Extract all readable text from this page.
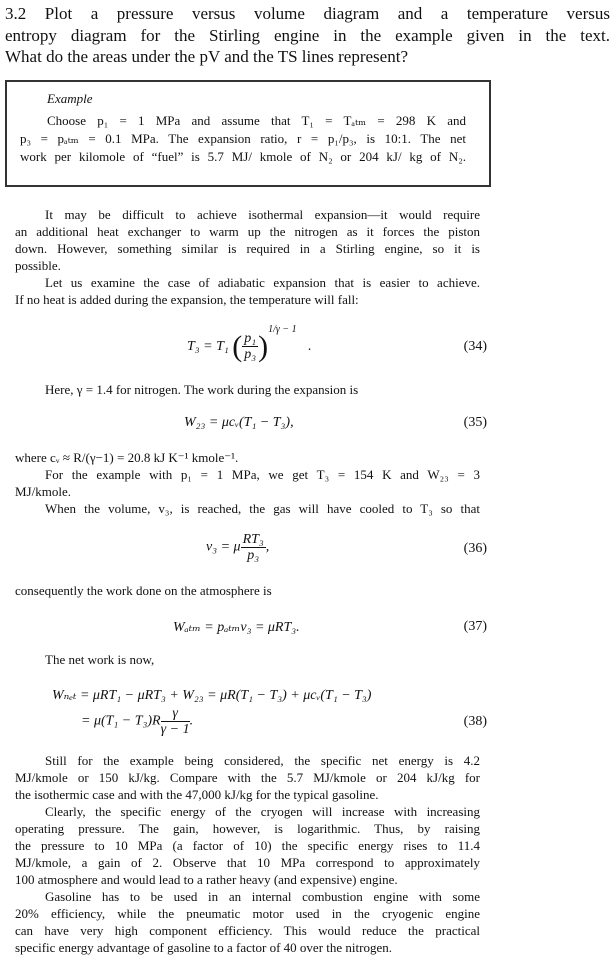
3.2 Plot a pressure versus volume diagram and a temperature versus
entropy diagram for the Stirling engine in the example given in the text.
What do the areas under the pV and the TS lines represent?
Example
Choose p₁ = 1 MPa and assume that T₁ = Tₐₜₘ = 298 K and
p₃ = pₐₜₘ = 0.1 MPa. The expansion ratio, r = p₁/p₃, is 10:1. The net
work per kilomole of “fuel” is 5.7 MJ/ kmole of N₂ or 204 kJ/ kg of N₂.
It may be difficult to achieve isothermal expansion—it would require
an additional heat exchanger to warm up the nitrogen as it forces the piston
down. However, something similar is required in a Stirling engine, so it is
possible.
Let us examine the case of adiabatic expansion that is easier to achieve.
If no heat is added during the expansion, the temperature will fall:
T₃ = T₁ ( $\frac{\text{p₁}}{\text{p₃}} )^{1/\gamma - 1}$ .	(34)
Here, γ = 1.4 for nitrogen. The work during the expansion is
W₂₃ = μcᵥ(T₁ − T₃),	(35)
where cᵥ ≈ R/(γ−1) = 20.8 kJ K⁻¹ kmole⁻¹.
For the example with p₁ = 1 MPa, we get T₃ = 154 K and W₂₃ = 3
MJ/kmole.
When the volume, v₃, is reached, the gas will have cooled to T₃ so that
v₃ = μ $\frac{\text{RT₃}}{\text{p₃}}$ ,	(36)
consequently the work done on the atmosphere is
Wₐₜₘ = pₐₜₘv₃ = μRT₃.	(37)
The net work is now,
Wₙₑₜ = μRT₁ − μRT₃ + W₂₃ = μR(T₁ − T₃) + μcᵥ(T₁ − T₃)
= $\mu(T_1 - T_3)R \frac{\gamma}{\gamma - 1}$ .	(38)
Still for the example being considered, the specific net energy is 4.2
MJ/kmole or 150 kJ/kg. Compare with the 5.7 MJ/kmole or 204 kJ/kg for
the isothermic case and with the 47,000 kJ/kg for the typical gasoline.
Clearly, the specific energy of the cryogen will increase with increasing
operating pressure. The gain, however, is logarithmic. Thus, by raising
the pressure to 10 MPa (a factor of 10) the specific energy rises to 11.4
MJ/kmole, a gain of 2. Observe that 10 MPa correspond to approximately
100 atmosphere and would lead to a rather heavy (and expensive) engine.
Gasoline has to be used in an internal combustion engine with some
20% efficiency, while the pneumatic motor used in the cryogenic engine
can have very high component efficiency. This would reduce the practical
specific energy advantage of gasoline to a factor of 40 over the nitrogen.
